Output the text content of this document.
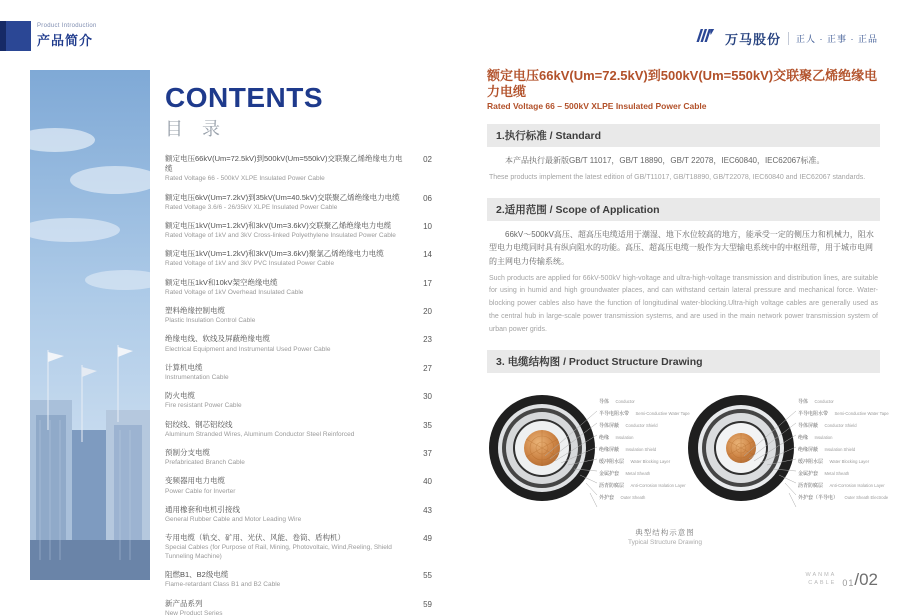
Product Introduction
产品简介	万马股份 正人 · 正事 · 正品
CONTENTS
目 录
额定电压66kV(Um=72.5kV)到500kV(Um=550kV)交联聚乙烯绝缘电力电缆
Rated Voltage 66 - 500kV XLPE Insulated Power Cable
02
额定电压6kV(Um=7.2kV)到35kV(Um=40.5kV)交联聚乙烯绝缘电力电缆
Rated Voltage 3.6/6 - 26/35kV XLPE Insulated Power Cable
06
额定电压1kV(Um=1.2kV)和3kV(Um=3.6kV)交联聚乙烯绝缘电力电缆
Rated Voltage of 1kV and 3kV Cross-linked Polyethylene Insulated Power Cable
10
额定电压1kV(Um=1.2kV)和3kV(Um=3.6kV)聚氯乙烯绝缘电力电缆
Rated Voltage of 1kV and 3kV PVC Insulated Power Cable
14
额定电压1kV和10kV架空绝缘电缆
Rated Voltage of 1kV Overhead Insulated Cable
17
塑料绝缘控制电缆
Plastic Insulation Control Cable
20
绝缘电线、软线及屏蔽绝缘电缆
Electrical Equipment and Instrumental Used Power Cable
23
计算机电缆
Instrumentation Cable
27
防火电缆
Fire resistant Power Cable
30
铝绞线、钢芯铝绞线
Aluminum Stranded Wires, Aluminum Conductor Steel Reinforced
35
预制分支电缆
Prefabricated Branch Cable
37
变频器用电力电缆
Power Cable for Inverter
40
通用橡套和电机引接线
General Rubber Cable and Motor Leading Wire
43
专用电缆（轨交、矿用、光伏、风能、卷筒、盾构机）
Special Cables (for Purpose of Rail, Mining, Photovoltaic, Wind,Reeling, Shield Tunneling Machine)
49
阻燃B1、B2级电缆
Flame-retardant Class B1 and B2 Cable
55
新产品系列
New Product Series
59
额定电压66kV(Um=72.5kV)到500kV(Um=550kV)交联聚乙烯绝缘电力电缆
Rated Voltage 66 – 500kV XLPE Insulated Power Cable
1.执行标准 / Standard

本产品执行最新版GB/T 11017，GB/T 18890，GB/T 22078，IEC60840，IEC62067标准。

These products implement the latest edition of GB/T11017, GB/T18890, GB/T22078, IEC60840 and IEC62067 standards.

2.适用范围 / Scope of Application

66kV～500kV高压、超高压电缆适用于潮湿、地下水位较高的地方，能承受一定的侧压力和机械力，阻水型电力电缆同时具有纵向阻水的功能。高压、超高压电缆一般作为大型输电系统中的中枢纽带，用于城市电网的主网电力传输系统。

Such products are applied for 66kV-500kV high-voltage and ultra-high-voltage transmission and distribution lines, are suitable for using in humid and high groundwater places, and can withstand certain lateral pressure and mechanical force. Water-blocking power cables also have the function of longitudinal water-blocking.Ultra-high voltage cables are generally used as the central hub in large-scale power transmission systems, and are used in the main network power transmission system of urban power grids.

3. 电缆结构图 / Product Structure Drawing
导体 Conductor
半导电阻水带 Semi-Conductive Water Tape
导体屏蔽 Conductor Shield
绝缘 Insulation
绝缘屏蔽 Insulation Shield
缓冲阻水层 Water Blocking Layer
金属护套 Metal Sheath
沥青防腐层 Anti-Corrosion Isolation Layer
外护套 Outer Sheath
导体 Conductor
半导电阻水带 Semi-Conductive Water Tape
导体屏蔽 Conductor Shield
绝缘 Insulation
绝缘屏蔽 Insulation Shield
缓冲阻水层 Water Blocking Layer
金属护套 Metal Sheath
沥青防腐层 Anti-Corrosion Isolation Layer
外护套（半导电） Outer Sheath Electrode
典型结构示意图
Typical Structure Drawing
WANMA
CABLE 01 /02
